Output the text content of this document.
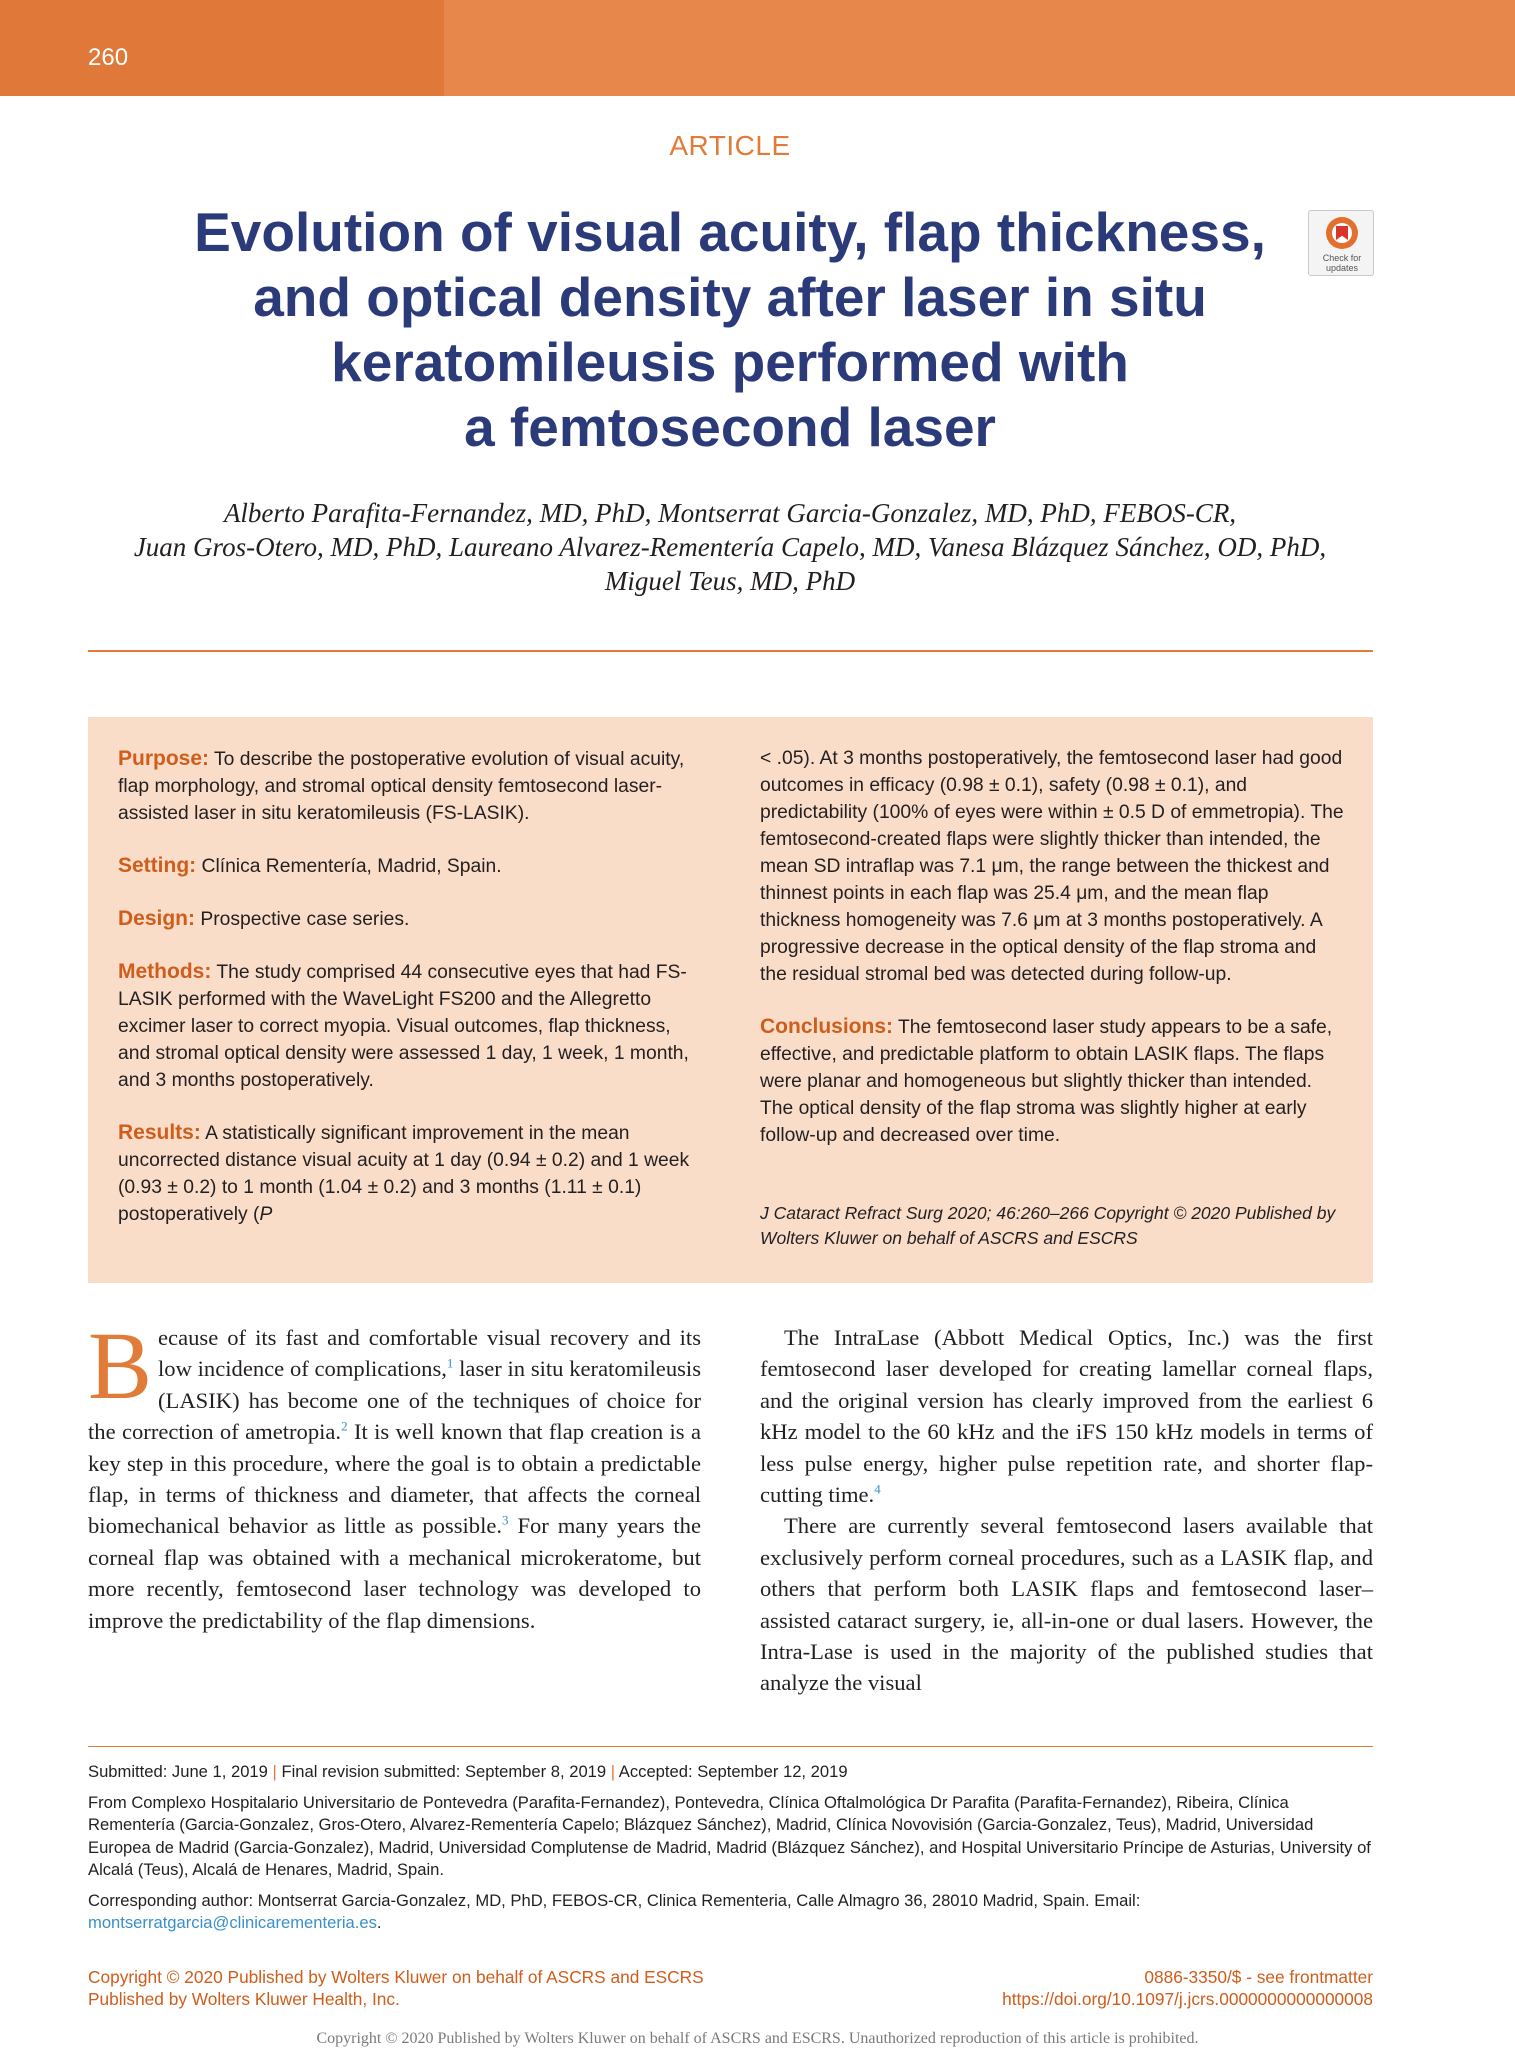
260
ARTICLE
Evolution of visual acuity, flap thickness,
and optical density after laser in situ
keratomileusis performed with
a femtosecond laser
Check for
updates
Alberto Parafita-Fernandez, MD, PhD, Montserrat Garcia-Gonzalez, MD, PhD, FEBOS-CR,
Juan Gros-Otero, MD, PhD, Laureano Alvarez-Rementería Capelo, MD, Vanesa Blázquez Sánchez, OD, PhD,
Miguel Teus, MD, PhD

Purpose: To describe the postoperative evolution of visual acuity, flap morphology, and stromal optical density femtosecond laser-assisted laser in situ keratomileusis (FS-LASIK).

Setting: Clínica Rementería, Madrid, Spain.

Design: Prospective case series.

Methods: The study comprised 44 consecutive eyes that had FS-LASIK performed with the WaveLight FS200 and the Allegretto excimer laser to correct myopia. Visual outcomes, flap thickness, and stromal optical density were assessed 1 day, 1 week, 1 month, and 3 months postoperatively.

Results: A statistically significant improvement in the mean uncorrected distance visual acuity at 1 day (0.94 ± 0.2) and 1 week (0.93 ± 0.2) to 1 month (1.04 ± 0.2) and 3 months (1.11 ± 0.1) postoperatively (P	J Cataract Refract Surg 2020; 46:260–266 Copyright © 2020 Published by Wolters Kluwer on behalf of ASCRS and ESCRS

< .05). At 3 months postoperatively, the femtosecond laser had good outcomes in efficacy (0.98 ± 0.1), safety (0.98 ± 0.1), and predictability (100% of eyes were within ± 0.5 D of emmetropia). The femtosecond-created flaps were slightly thicker than intended, the mean SD intraflap was 7.1 μm, the range between the thickest and thinnest points in each flap was 25.4 μm, and the mean flap thickness homogeneity was 7.6 μm at 3 months postoperatively. A progressive decrease in the optical density of the flap stroma and the residual stromal bed was detected during follow-up.

Conclusions: The femtosecond laser study appears to be a safe, effective, and predictable platform to obtain LASIK flaps. The flaps were planar and homogeneous but slightly thicker than intended. The optical density of the flap stroma was slightly higher at early follow-up and decreased over time.

Because of its fast and comfortable visual recovery and its low incidence of complications,$^1$ laser in situ keratomileusis (LASIK) has become one of the techniques of choice for the correction of ametropia.$^2$ It is well known that flap creation is a key step in this procedure, where the goal is to obtain a predictable flap, in terms of thickness and diameter, that affects the corneal biomechanical behavior as little as possible.$^3$ For many years the corneal flap was obtained with a mechanical microkeratome, but more recently, femtosecond laser technology was developed to improve the predictability of the flap dimensions.

The IntraLase (Abbott Medical Optics, Inc.) was the first femtosecond laser developed for creating lamellar corneal flaps, and the original version has clearly improved from the earliest 6 kHz model to the 60 kHz and the iFS 150 kHz models in terms of less pulse energy, higher pulse repetition rate, and shorter flap-cutting time.$^4$

There are currently several femtosecond lasers available that exclusively perform corneal procedures, such as a LASIK flap, and others that perform both LASIK flaps and femtosecond laser–assisted cataract surgery, ie, all-in-one or dual lasers. However, the Intra-Lase is used in the majority of the published studies that analyze the visual

Submitted: June 1, 2019 | Final revision submitted: September 8, 2019 | Accepted: September 12, 2019

From Complexo Hospitalario Universitario de Pontevedra (Parafita-Fernandez), Pontevedra, Clínica Oftalmológica Dr Parafita (Parafita-Fernandez), Ribeira, Clínica Rementería (Garcia-Gonzalez, Gros-Otero, Alvarez-Rementería Capelo; Blázquez Sánchez), Madrid, Clínica Novovisión (Garcia-Gonzalez, Teus), Madrid, Universidad Europea de Madrid (Garcia-Gonzalez), Madrid, Universidad Complutense de Madrid, Madrid (Blázquez Sánchez), and Hospital Universitario Príncipe de Asturias, University of Alcalá (Teus), Alcalá de Henares, Madrid, Spain.

Corresponding author: Montserrat Garcia-Gonzalez, MD, PhD, FEBOS-CR, Clinica Rementeria, Calle Almagro 36, 28010 Madrid, Spain. Email: montserratgarcia@clinicarementeria.es.

Copyright © 2020 Published by Wolters Kluwer on behalf of ASCRS and ESCRS
Published by Wolters Kluwer Health, Inc.
0886-3350/$ - see frontmatter
https://doi.org/10.1097/j.jcrs.0000000000000008
Copyright © 2020 Published by Wolters Kluwer on behalf of ASCRS and ESCRS. Unauthorized reproduction of this article is prohibited.
